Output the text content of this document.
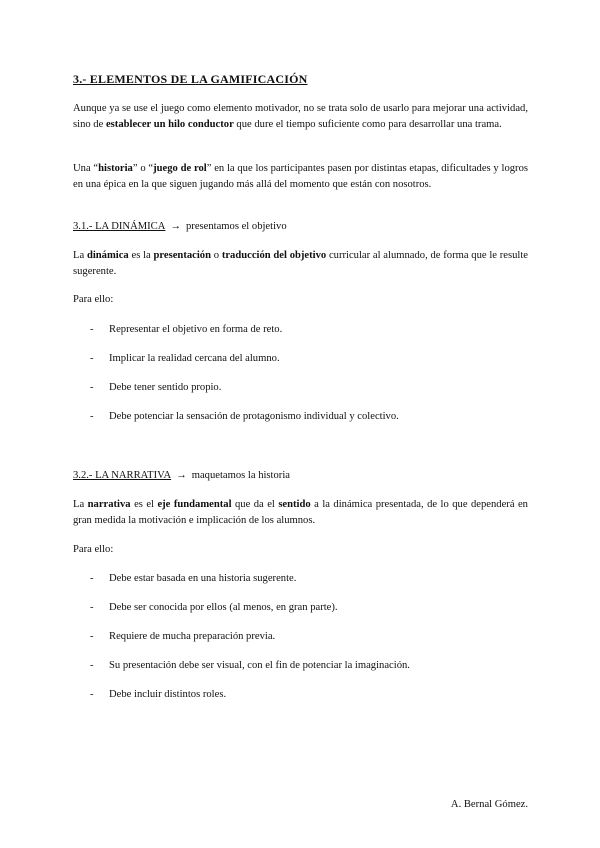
3.- ELEMENTOS DE LA GAMIFICACIÓN

Aunque ya se use el juego como elemento motivador, no se trata solo de usarlo para mejorar una actividad, sino de establecer un hilo conductor que dure el tiempo suficiente como para desarrollar una trama.

Una “historia” o “juego de rol” en la que los participantes pasen por distintas etapas, dificultades y logros en una épica en la que siguen jugando más allá del momento que están con nosotros.

3.1.- LA DINÁMICA → presentamos el objetivo

La dinámica es la presentación o traducción del objetivo curricular al alumnado, de forma que le resulte sugerente.

Para ello:

- Representar el objetivo en forma de reto.
- Implicar la realidad cercana del alumno.
- Debe tener sentido propio.
- Debe potenciar la sensación de protagonismo individual y colectivo.

3.2.- LA NARRATIVA → maquetamos la historia

La narrativa es el eje fundamental que da el sentido a la dinámica presentada, de lo que dependerá en gran medida la motivación e implicación de los alumnos.

Para ello:

- Debe estar basada en una historia sugerente.
- Debe ser conocida por ellos (al menos, en gran parte).
- Requiere de mucha preparación previa.
- Su presentación debe ser visual, con el fin de potenciar la imaginación.
- Debe incluir distintos roles.
A. Bernal Gómez.
